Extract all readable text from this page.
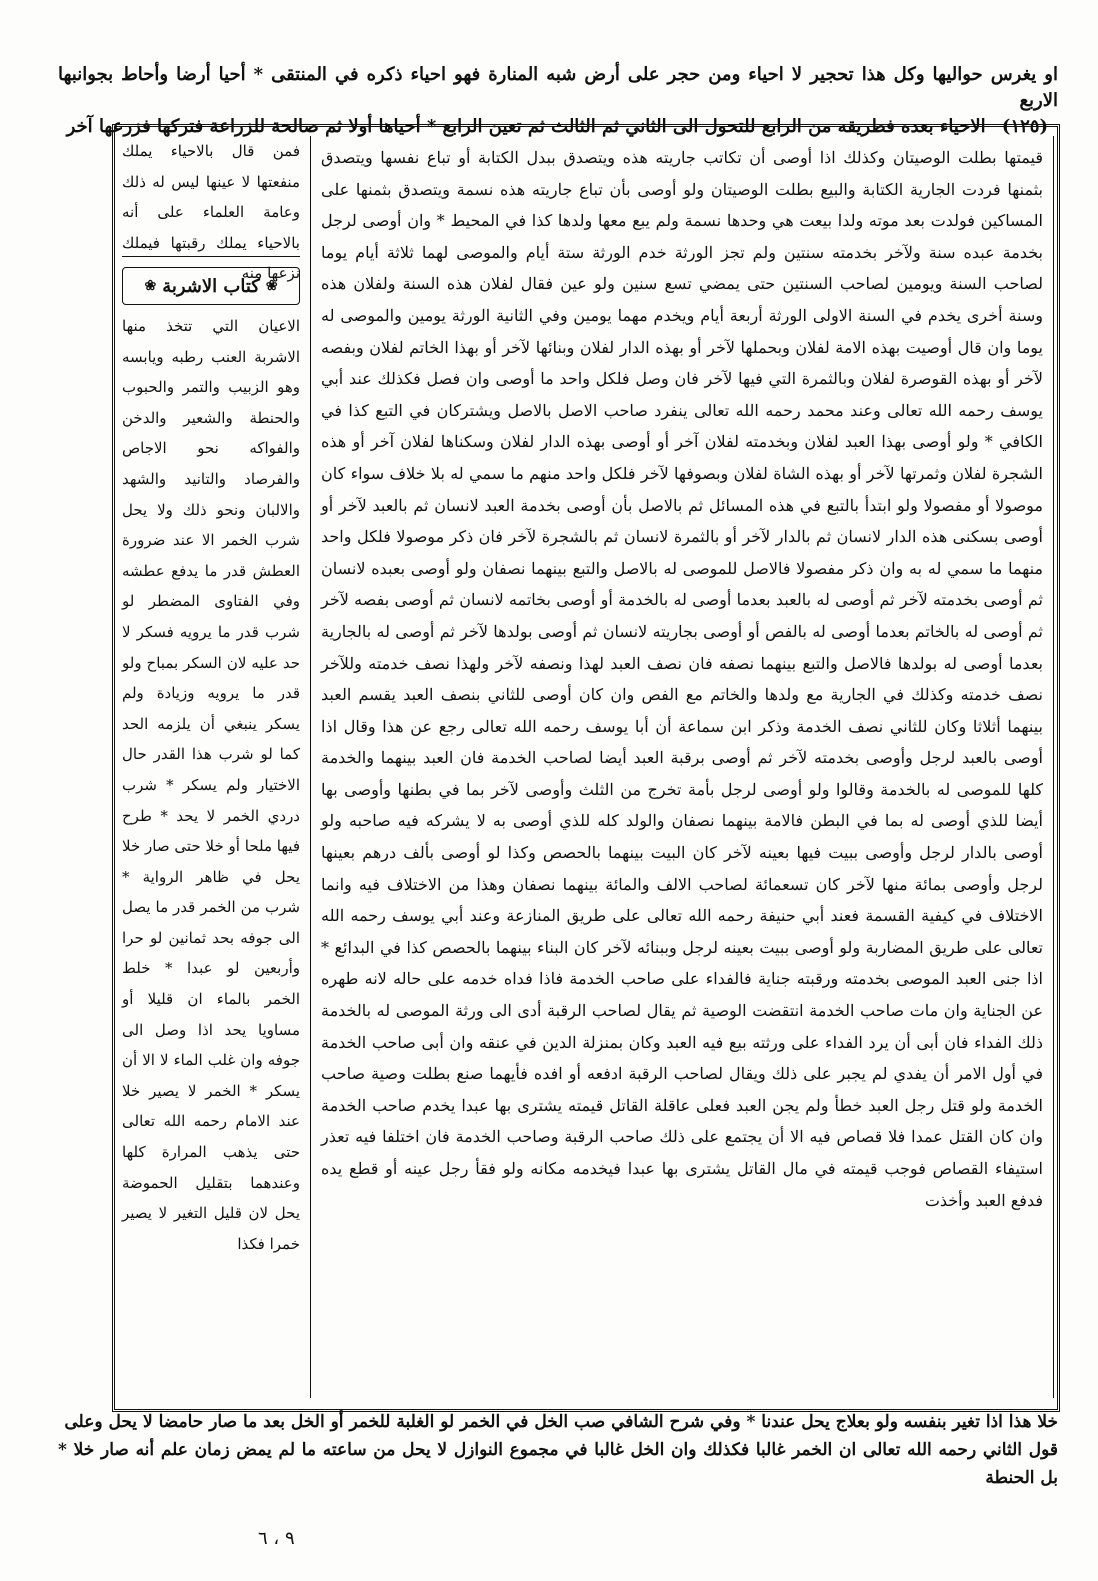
او يغرس حواليها وكل هذا تحجير لا احياء ومن حجر على أرض شبه المنارة فهو احياء ذكره في المنتقى * أحيا أرضا وأحاط بجوانبها الاربع
(١٢٥) الاحياء بعده فطريقه من الرابع للتحول الى الثاني ثم الثالث ثم تعين الرابع * أحياها أولا ثم صالحة للزراعة فتركها فزرعها آخر

قيمتها بطلت الوصيتان وكذلك اذا أوصى أن تكاتب جاريته هذه ويتصدق ببدل الكتابة أو تباع نفسها ويتصدق بثمنها فردت الجارية الكتابة والبيع بطلت الوصيتان ولو أوصى بأن تباع جاريته هذه نسمة ويتصدق بثمنها على المساكين فولدت بعد موته ولدا بيعت هي وحدها نسمة ولم يبع معها ولدها كذا في المحيط * وان أوصى لرجل بخدمة عبده سنة ولآخر بخدمته سنتين ولم تجز الورثة خدم الورثة ستة أيام والموصى لهما ثلاثة أيام يوما لصاحب السنة ويومين لصاحب السنتين حتى يمضي تسع سنين ولو عين فقال لفلان هذه السنة ولفلان هذه وسنة أخرى يخدم في السنة الاولى الورثة أربعة أيام ويخدم مهما يومين وفي الثانية الورثة يومين والموصى له يوما وان قال أوصيت بهذه الامة لفلان وبحملها لآخر أو بهذه الدار لفلان وبنائها لآخر أو بهذا الخاتم لفلان وبفصه لآخر أو بهذه القوصرة لفلان وبالثمرة التي فيها لآخر فان وصل فلكل واحد ما أوصى وان فصل فكذلك عند أبي يوسف رحمه الله تعالى وعند محمد رحمه الله تعالى ينفرد صاحب الاصل بالاصل ويشتركان في التبع كذا في الكافي * ولو أوصى بهذا العبد لفلان وبخدمته لفلان آخر أو أوصى بهذه الدار لفلان وسكناها لفلان آخر أو هذه الشجرة لفلان وثمرتها لآخر أو بهذه الشاة لفلان وبصوفها لآخر فلكل واحد منهم ما سمي له بلا خلاف سواء كان موصولا أو مفصولا ولو ابتدأ بالتبع في هذه المسائل ثم بالاصل بأن أوصى بخدمة العبد لانسان ثم بالعبد لآخر أو أوصى بسكنى هذه الدار لانسان ثم بالدار لآخر أو بالثمرة لانسان ثم بالشجرة لآخر فان ذكر موصولا فلكل واحد منهما ما سمي له به وان ذكر مفصولا فالاصل للموصى له بالاصل والتبع بينهما نصفان ولو أوصى بعبده لانسان ثم أوصى بخدمته لآخر ثم أوصى له بالعبد بعدما أوصى له بالخدمة أو أوصى بخاتمه لانسان ثم أوصى بفصه لآخر ثم أوصى له بالخاتم بعدما أوصى له بالفص أو أوصى بجاريته لانسان ثم أوصى بولدها لآخر ثم أوصى له بالجارية بعدما أوصى له بولدها فالاصل والتبع بينهما نصفه فان نصف العبد لهذا ونصفه لآخر ولهذا نصف خدمته وللآخر نصف خدمته وكذلك في الجارية مع ولدها والخاتم مع الفص وان كان أوصى للثاني بنصف العبد يقسم العبد بينهما أثلاثا وكان للثاني نصف الخدمة وذكر ابن سماعة أن أبا يوسف رحمه الله تعالى رجع عن هذا وقال اذا أوصى بالعبد لرجل وأوصى بخدمته لآخر ثم أوصى برقبة العبد أيضا لصاحب الخدمة فان العبد بينهما والخدمة كلها للموصى له بالخدمة وقالوا ولو أوصى لرجل بأمة تخرج من الثلث وأوصى لآخر بما في بطنها وأوصى بها أيضا للذي أوصى له بما في البطن فالامة بينهما نصفان والولد كله للذي أوصى به لا يشركه فيه صاحبه ولو أوصى بالدار لرجل وأوصى ببيت فيها بعينه لآخر كان البيت بينهما بالحصص وكذا لو أوصى بألف درهم بعينها لرجل وأوصى بمائة منها لآخر كان تسعمائة لصاحب الالف والمائة بينهما نصفان وهذا من الاختلاف فيه وانما الاختلاف في كيفية القسمة فعند أبي حنيفة رحمه الله تعالى على طريق المنازعة وعند أبي يوسف رحمه الله تعالى على طريق المضاربة ولو أوصى ببيت بعينه لرجل وببنائه لآخر كان البناء بينهما بالحصص كذا في البدائع * اذا جنى العبد الموصى بخدمته ورقبته جناية فالفداء على صاحب الخدمة فاذا فداه خدمه على حاله لانه طهره عن الجناية وان مات صاحب الخدمة انتقضت الوصية ثم يقال لصاحب الرقبة أدى الى ورثة الموصى له بالخدمة ذلك الفداء فان أبى أن يرد الفداء على ورثته بيع فيه العبد وكان بمنزلة الدين في عنقه وان أبى صاحب الخدمة في أول الامر أن يفدي لم يجبر على ذلك ويقال لصاحب الرقبة ادفعه أو افده فأيهما صنع بطلت وصية صاحب الخدمة ولو قتل رجل العبد خطأ ولم يجن العبد فعلى عاقلة القاتل قيمته يشترى بها عبدا يخدم صاحب الخدمة وان كان القتل عمدا فلا قصاص فيه الا أن يجتمع على ذلك صاحب الرقبة وصاحب الخدمة فان اختلفا فيه تعذر استيفاء القصاص فوجب قيمته في مال القاتل يشترى بها عبدا فيخدمه مكانه ولو فقأ رجل عينه أو قطع يده فدفع العبد وأخذت

فمن قال بالاحياء يملك منفعتها لا عينها ليس له ذلك وعامة العلماء على أنه بالاحياء يملك رقبتها فيملك نزعها منه

❀
كتاب الاشربة
❀

الاعيان التي تتخذ منها الاشربة العنب رطبه ويابسه وهو الزبيب والتمر والحبوب والحنطة والشعير والدخن والفواكه نحو الاجاص والفرصاد والتانيد والشهد والالبان ونحو ذلك ولا يحل شرب الخمر الا عند ضرورة العطش قدر ما يدفع عطشه وفي الفتاوى المضطر لو شرب قدر ما يرويه فسكر لا حد عليه لان السكر بمباح ولو قدر ما يرويه وزيادة ولم يسكر ينبغي أن يلزمه الحد كما لو شرب هذا القدر حال الاختيار ولم يسكر * شرب دردي الخمر لا يحد * طرح فيها ملحا أو خلا حتى صار خلا يحل في ظاهر الرواية * شرب من الخمر قدر ما يصل الى جوفه بحد ثمانين لو حرا وأربعين لو عبدا * خلط الخمر بالماء ان قليلا أو مساويا يحد اذا وصل الى جوفه وان غلب الماء لا الا أن يسكر * الخمر لا يصير خلا عند الامام رحمه الله تعالى حتى يذهب المرارة كلها وعندهما بتقليل الحموضة يحل لان قليل التغير لا يصير خمرا فكذا

خلا هذا اذا تغير بنفسه ولو بعلاج يحل عندنا * وفي شرح الشافي صب الخل في الخمر لو الغلبة للخمر أو الخل بعد ما صار حامضا لا يحل وعلى
قول الثاني رحمه الله تعالى ان الخمر غالبا فكذلك وان الخل غالبا في مجموع النوازل لا يحل من ساعته ما لم يمض زمان علم أنه صار خلا * بل الحنطة
٩ ، ٦
